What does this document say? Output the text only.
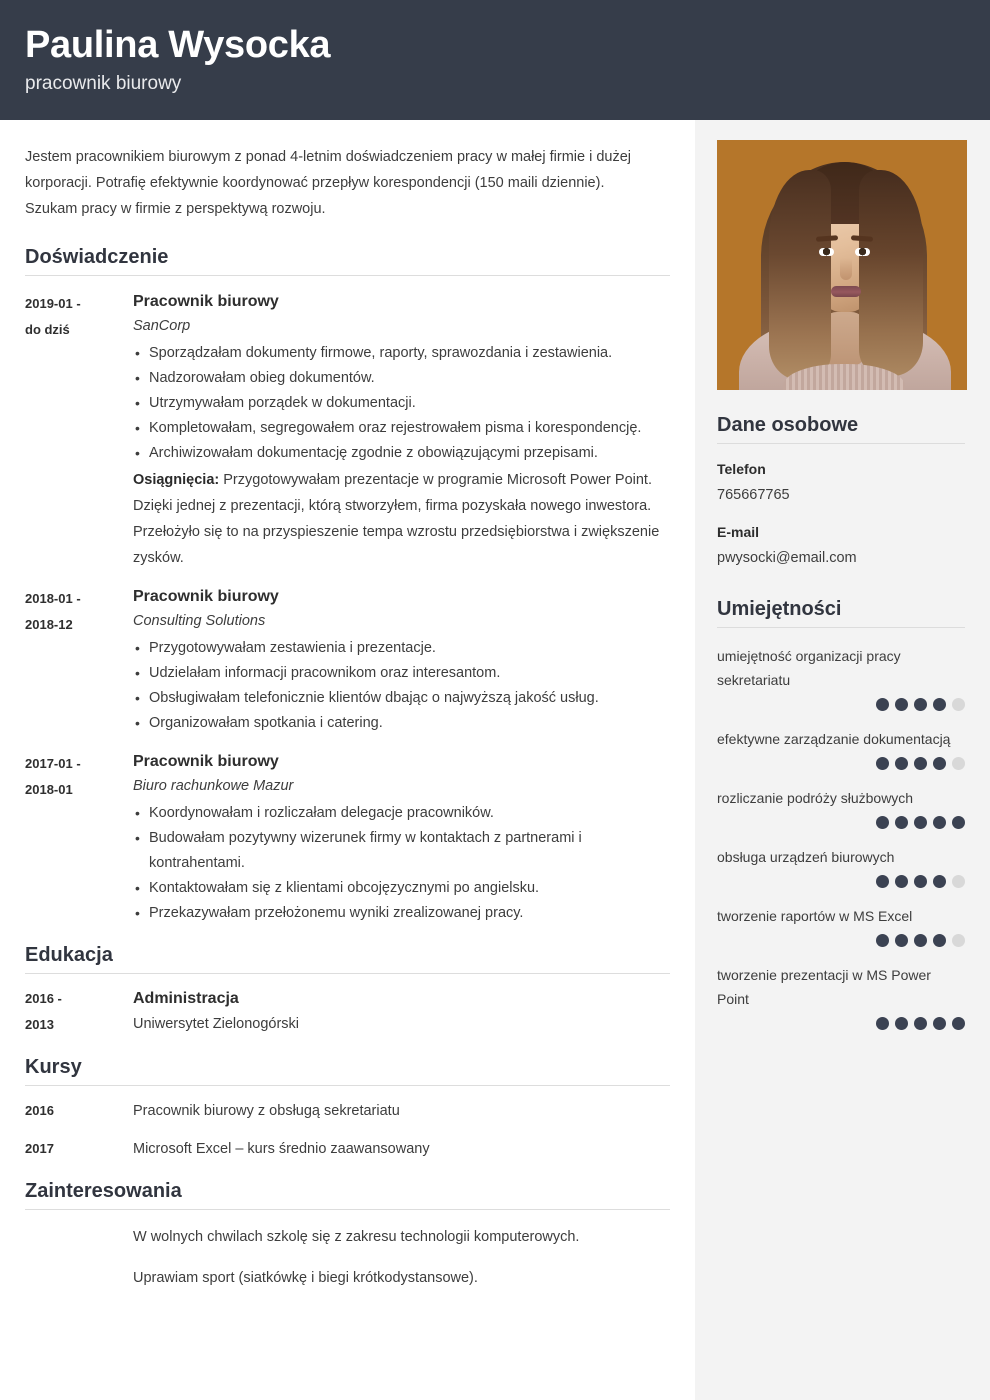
Paulina Wysocka
pracownik biurowy
Jestem pracownikiem biurowym z ponad 4-letnim doświadczeniem pracy w małej firmie i dużej korporacji. Potrafię efektywnie koordynować przepływ korespondencji (150 maili dziennie). Szukam pracy w firmie z perspektywą rozwoju.
Doświadczenie
2019-01 -
do dziś
Pracownik biurowy
SanCorp
• Sporządzałam dokumenty firmowe, raporty, sprawozdania i zestawienia.
• Nadzorowałam obieg dokumentów.
• Utrzymywałam porządek w dokumentacji.
• Kompletowałam, segregowałem oraz rejestrowałem pisma i korespondencję.
• Archiwizowałam dokumentację zgodnie z obowiązującymi przepisami.
Osiągnięcia: Przygotowywałam prezentacje w programie Microsoft Power Point. Dzięki jednej z prezentacji, którą stworzyłem, firma pozyskała nowego inwestora. Przełożyło się to na przyspieszenie tempa wzrostu przedsiębiorstwa i zwiększenie zysków.
2018-01 -
2018-12
Pracownik biurowy
Consulting Solutions
• Przygotowywałam zestawienia i prezentacje.
• Udzielałam informacji pracownikom oraz interesantom.
• Obsługiwałam telefonicznie klientów dbając o najwyższą jakość usług.
• Organizowałam spotkania i catering.
2017-01 -
2018-01
Pracownik biurowy
Biuro rachunkowe Mazur
• Koordynowałam i rozliczałam delegacje pracowników.
• Budowałam pozytywny wizerunek firmy w kontaktach z partnerami i kontrahentami.
• Kontaktowałam się z klientami obcojęzycznymi po angielsku.
• Przekazywałam przełożonemu wyniki zrealizowanej pracy.
Edukacja
2016 -
2013
Administracja
Uniwersytet Zielonogórski
Kursy
2016	Pracownik biurowy z obsługą sekretariatu
2017	Microsoft Excel – kurs średnio zaawansowany
Zainteresowania

W wolnych chwilach szkolę się z zakresu technologii komputerowych.

Uprawiam sport (siatkówkę i biegi krótkodystansowe).

Dane osobowe
Telefon
765667765
E-mail
pwysocki@email.com
Umiejętności
umiejętność organizacji pracy sekretariatu
efektywne zarządzanie dokumentacją
rozliczanie podróży służbowych
obsługa urządzeń biurowych
tworzenie raportów w MS Excel
tworzenie prezentacji w MS Power Point
